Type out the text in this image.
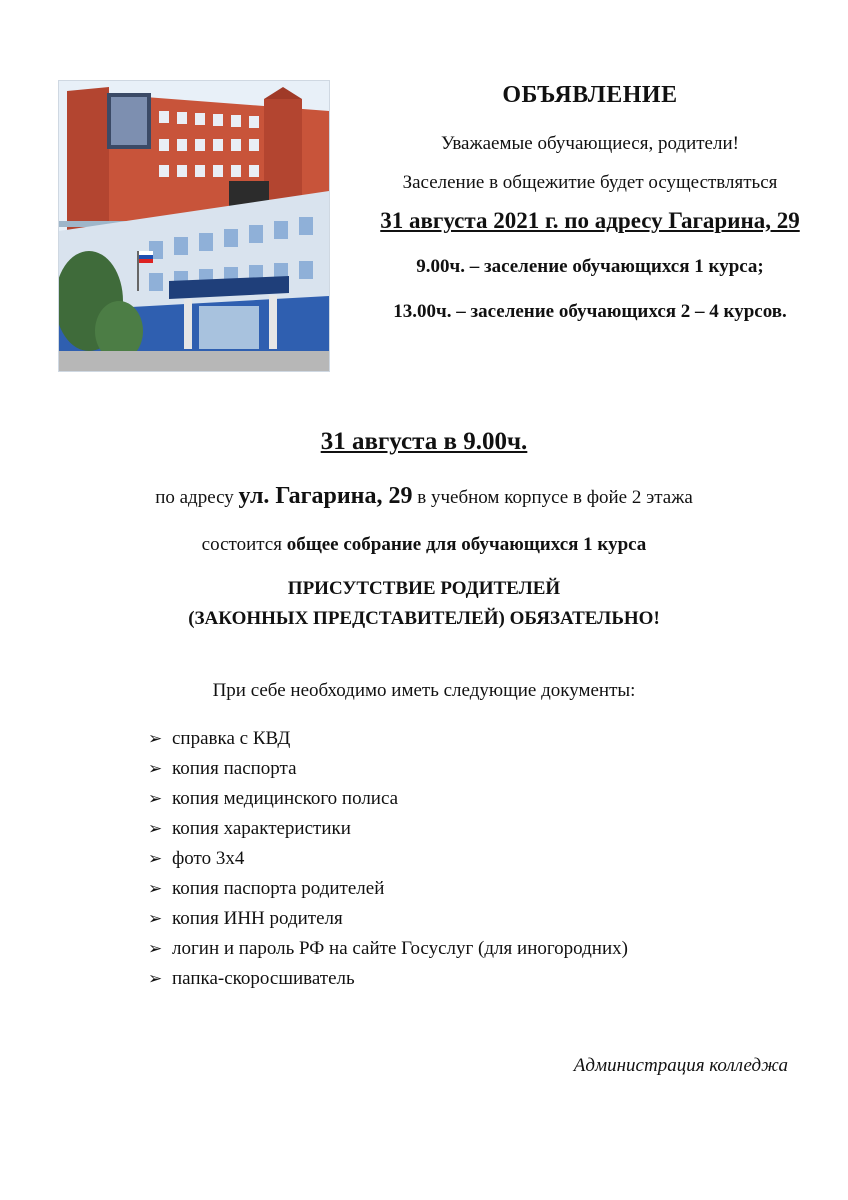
ОБЪЯВЛЕНИЕ
Уважаемые обучающиеся, родители!
Заселение в общежитие будет осуществляться
31 августа 2021 г. по адресу Гагарина, 29
9.00ч. – заселение обучающихся 1 курса;
13.00ч. – заселение обучающихся 2 – 4 курсов.
31 августа в 9.00ч.
по адресу ул. Гагарина, 29 в учебном корпусе в фойе 2 этажа
состоится общее собрание для обучающихся 1 курса
ПРИСУТСТВИЕ РОДИТЕЛЕЙ
(ЗАКОННЫХ ПРЕДСТАВИТЕЛЕЙ) ОБЯЗАТЕЛЬНО!
При себе необходимо иметь следующие документы:
➢ справка с КВД
➢ копия паспорта
➢ копия медицинского полиса
➢ копия характеристики
➢ фото 3х4
➢ копия паспорта родителей
➢ копия ИНН родителя
➢ логин и пароль РФ на сайте Госуслуг (для иногородних)
➢ папка-скоросшиватель
Администрация колледжа
